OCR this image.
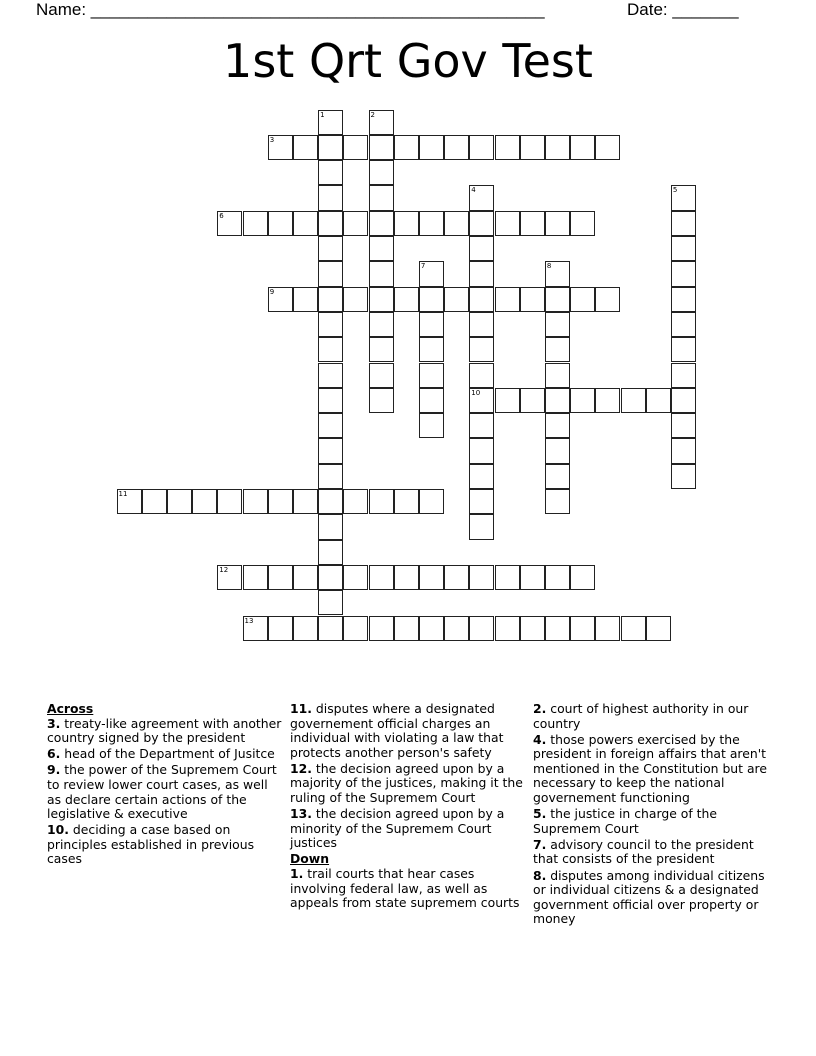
Name: ________________________________________________	Date: _______
1st Qrt Gov Test
1	2
3
4
10
5
6
7	8
9
11
12
13
Across
3. treaty-like agreement with another country signed by the president
6. head of the Department of Jusitce
9. the power of the Supremem Court to review lower court cases, as well as declare certain actions of the legislative & executive
10. deciding a case based on principles established in previous cases
11. disputes where a designated governement official charges an individual with violating a law that protects another person's safety
12. the decision agreed upon by a majority of the justices, making it the ruling of the Supremem Court
13. the decision agreed upon by a minority of the Supremem Court justices
Down
1. trail courts that hear cases involving federal law, as well as appeals from state supremem courts
2. court of highest authority in our country
4. those powers exercised by the president in foreign affairs that aren't mentioned in the Constitution but are necessary to keep the national governement functioning
5. the justice in charge of the Supremem Court
7. advisory council to the president that consists of the president
8. disputes among individual citizens or individual citizens & a designated government official over property or money
